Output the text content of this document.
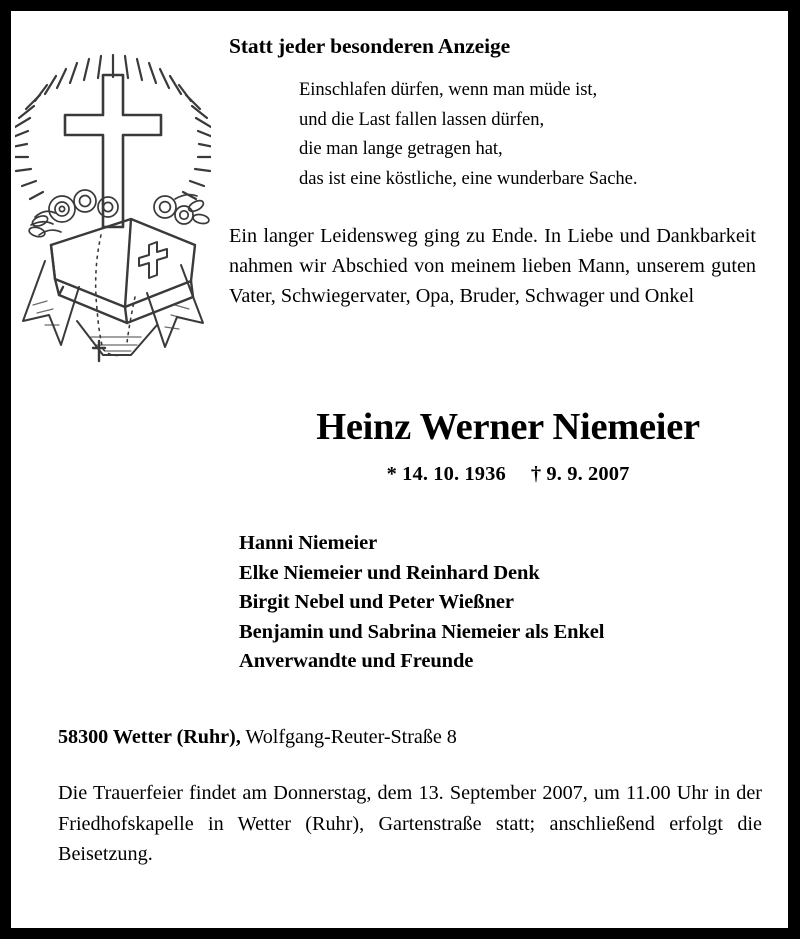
Statt jeder besonderen Anzeige
Einschlafen dürfen, wenn man müde ist,
und die Last fallen lassen dürfen,
die man lange getragen hat,
das ist eine köstliche, eine wunderbare Sache.
Ein langer Leidensweg ging zu Ende. In Liebe und Dankbarkeit nahmen wir Abschied von meinem lieben Mann, unserem guten Vater, Schwiegervater, Opa, Bruder, Schwager und Onkel
Heinz Werner Niemeier
* 14. 10. 1936 † 9. 9. 2007
Hanni Niemeier
Elke Niemeier und Reinhard Denk
Birgit Nebel und Peter Wießner
Benjamin und Sabrina Niemeier als Enkel
Anverwandte und Freunde
58300 Wetter (Ruhr), Wolfgang-Reuter-Straße 8
Die Trauerfeier findet am Donnerstag, dem 13. September 2007, um 11.00 Uhr in der Friedhofskapelle in Wetter (Ruhr), Gartenstraße statt; anschließend erfolgt die Beisetzung.
